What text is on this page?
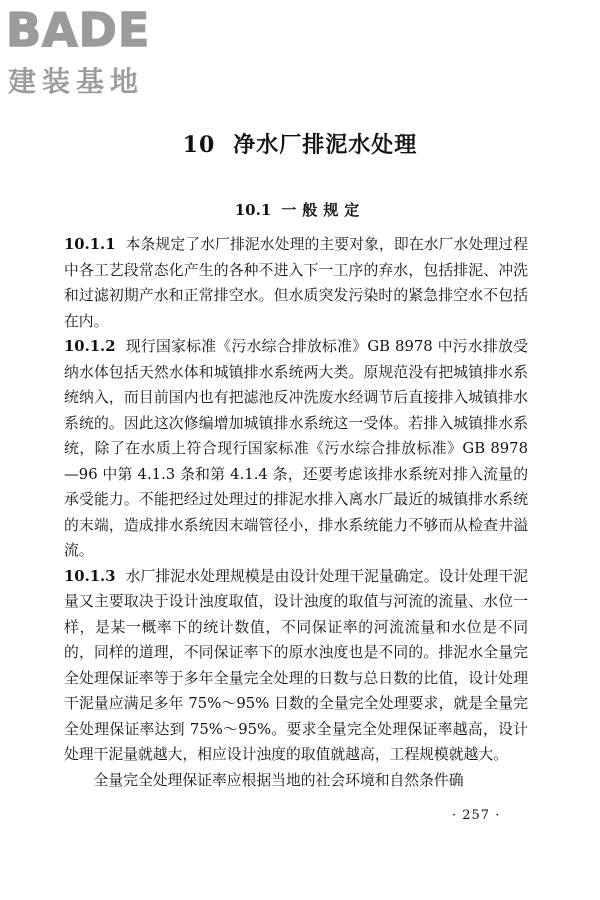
BADE
建装基地
10 净水厂排泥水处理
10.1 一般规定

10.1.1 本条规定了水厂排泥水处理的主要对象，即在水厂水处理过程中各工艺段常态化产生的各种不进入下一工序的弃水，包括排泥、冲洗和过滤初期产水和正常排空水。但水质突发污染时的紧急排空水不包括在内。

10.1.2 现行国家标准《污水综合排放标准》GB 8978 中污水排放受纳水体包括天然水体和城镇排水系统两大类。原规范没有把城镇排水系统纳入，而目前国内也有把滤池反冲洗废水经调节后直接排入城镇排水系统的。因此这次修编增加城镇排水系统这一受体。若排入城镇排水系统，除了在水质上符合现行国家标准《污水综合排放标准》GB 8978—96 中第 4.1.3 条和第 4.1.4 条，还要考虑该排水系统对排入流量的承受能力。不能把经过处理过的排泥水排入离水厂最近的城镇排水系统的末端，造成排水系统因末端管径小，排水系统能力不够而从检查井溢流。

10.1.3 水厂排泥水处理规模是由设计处理干泥量确定。设计处理干泥量又主要取决于设计浊度取值，设计浊度的取值与河流的流量、水位一样，是某一概率下的统计数值，不同保证率的河流流量和水位是不同的，同样的道理，不同保证率下的原水浊度也是不同的。排泥水全量完全处理保证率等于多年全量完全处理的日数与总日数的比值，设计处理干泥量应满足多年 75%～95% 日数的全量完全处理要求，就是全量完全处理保证率达到 75%～95%。要求全量完全处理保证率越高，设计处理干泥量就越大，相应设计浊度的取值就越高，工程规模就越大。

全量完全处理保证率应根据当地的社会环境和自然条件确

· 257 ·
